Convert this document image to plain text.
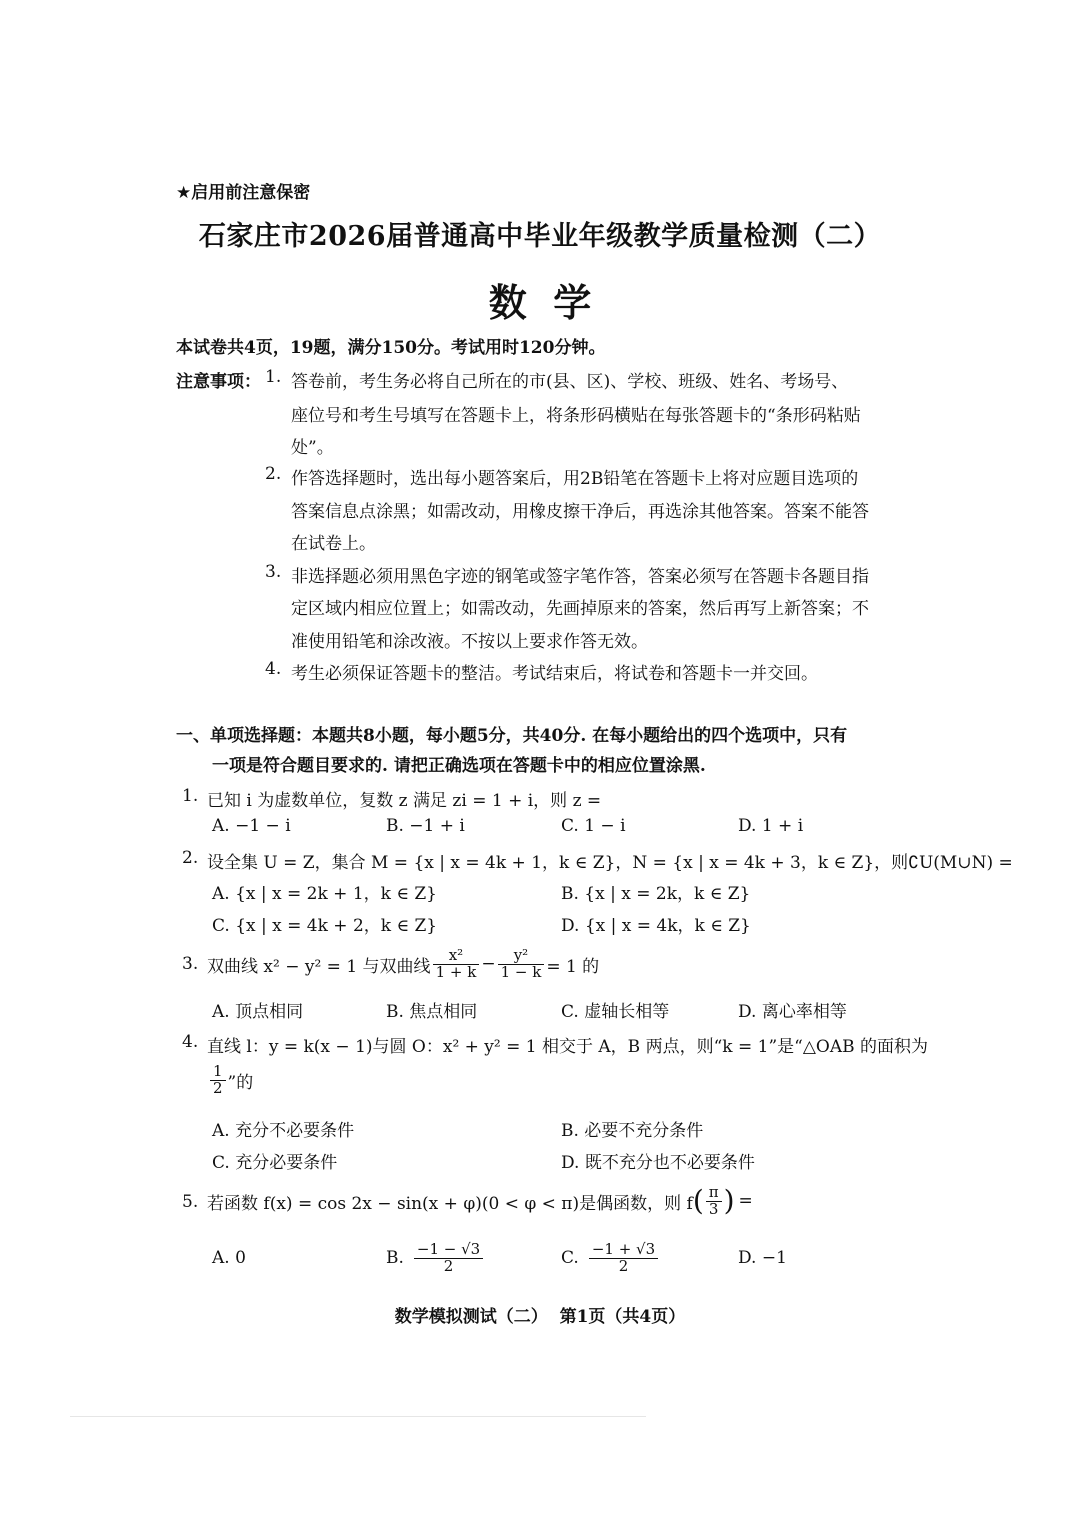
★启用前注意保密
石家庄市2026届普通高中毕业年级教学质量检测（二）
数  学
本试卷共4页，19题，满分150分。考试用时120分钟。
注意事项： 1. 答卷前，考生务必将自己所在的市(县、区)、学校、班级、姓名、考场号、
座位号和考生号填写在答题卡上，将条形码横贴在每张答题卡的“条形码粘贴
处”。
2. 作答选择题时，选出每小题答案后，用2B铅笔在答题卡上将对应题目选项的
答案信息点涂黑；如需改动，用橡皮擦干净后，再选涂其他答案。答案不能答
在试卷上。
3. 非选择题必须用黑色字迹的钢笔或签字笔作答，答案必须写在答题卡各题目指
定区域内相应位置上；如需改动，先画掉原来的答案，然后再写上新答案；不
准使用铅笔和涂改液。不按以上要求作答无效。
4. 考生必须保证答题卡的整洁。考试结束后，将试卷和答题卡一并交回。
一、单项选择题：本题共8小题，每小题5分，共40分. 在每小题给出的四个选项中，只有
一项是符合题目要求的. 请把正确选项在答题卡中的相应位置涂黑.
1. 已知 i 为虚数单位，复数 z 满足 zi = 1 + i，则 z =
A. −1 − i	B. −1 + i	C. 1 − i	D. 1 + i
2. 设全集 U = Z，集合 M = {x | x = 4k + 1，k ∈ Z}，N = {x | x = 4k + 3，k ∈ Z}，则∁U(M∪N) =
A. {x | x = 2k + 1，k ∈ Z}	B. {x | x = 2k，k ∈ Z}
C. {x | x = 4k + 2，k ∈ Z}	D. {x | x = 4k，k ∈ Z}
3. 双曲线 x² − y² = 1 与双曲线 $\frac{\text{x²}}{1 + k} - \frac{\text{y²}}{1 - k} = 1$ 的
A. 顶点相同	B. 焦点相同	C. 虚轴长相等	D. 离心率相等
4. 直线 l：y = k(x − 1)与圆 O：x² + y² = 1 相交于 A，B 两点，则“k = 1”是“△OAB 的面积为
$\frac{1}{2}$ ”的
A. 充分不必要条件	B. 必要不充分条件
C. 充分必要条件	D. 既不充分也不必要条件
5. 若函数 f(x) = cos 2x − sin(x + φ)(0 < φ < π)是偶函数，则 f ( $\frac{\pi}{3}$ ) =
A. 0	B. $\frac{-1 - √3}{2}$	C. $\frac{-1 + √3}{2}$	D. −1
数学模拟测试（二）  第1页（共4页）
